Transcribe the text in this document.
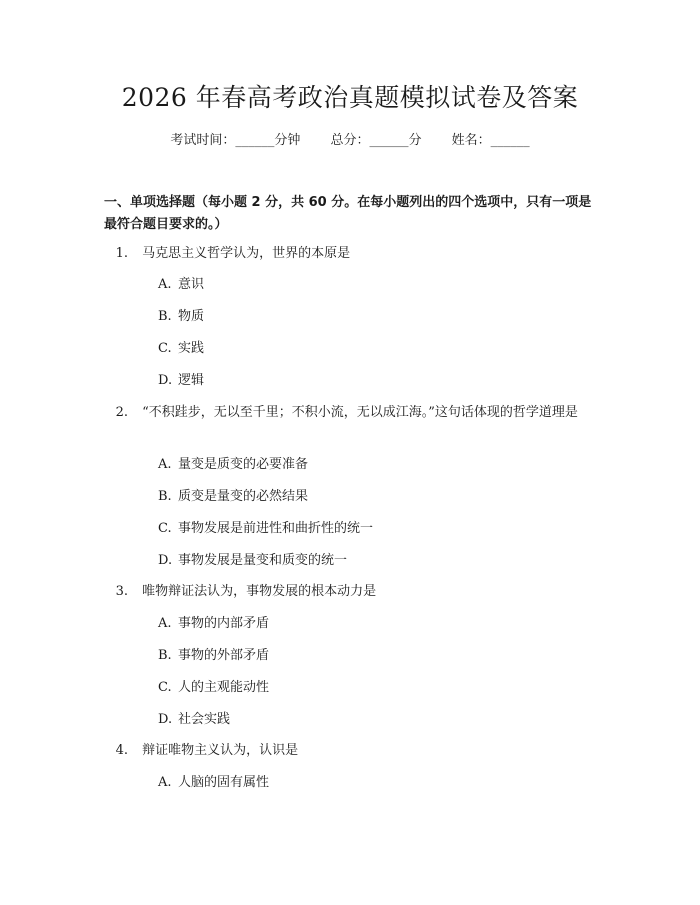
2026 年春高考政治真题模拟试卷及答案
考试时间：______分钟 总分：______分 姓名：______
一、单项选择题（每小题 2 分，共 60 分。在每小题列出的四个选项中，只有一项是最符合题目要求的。）
1. 马克思主义哲学认为，世界的本原是
A. 意识
B. 物质
C. 实践
D. 逻辑
2. “不积跬步，无以至千里；不积小流，无以成江海。”这句话体现的哲学道理是
A. 量变是质变的必要准备
B. 质变是量变的必然结果
C. 事物发展是前进性和曲折性的统一
D. 事物发展是量变和质变的统一
3. 唯物辩证法认为，事物发展的根本动力是
A. 事物的内部矛盾
B. 事物的外部矛盾
C. 人的主观能动性
D. 社会实践
4. 辩证唯物主义认为，认识是
A. 人脑的固有属性
